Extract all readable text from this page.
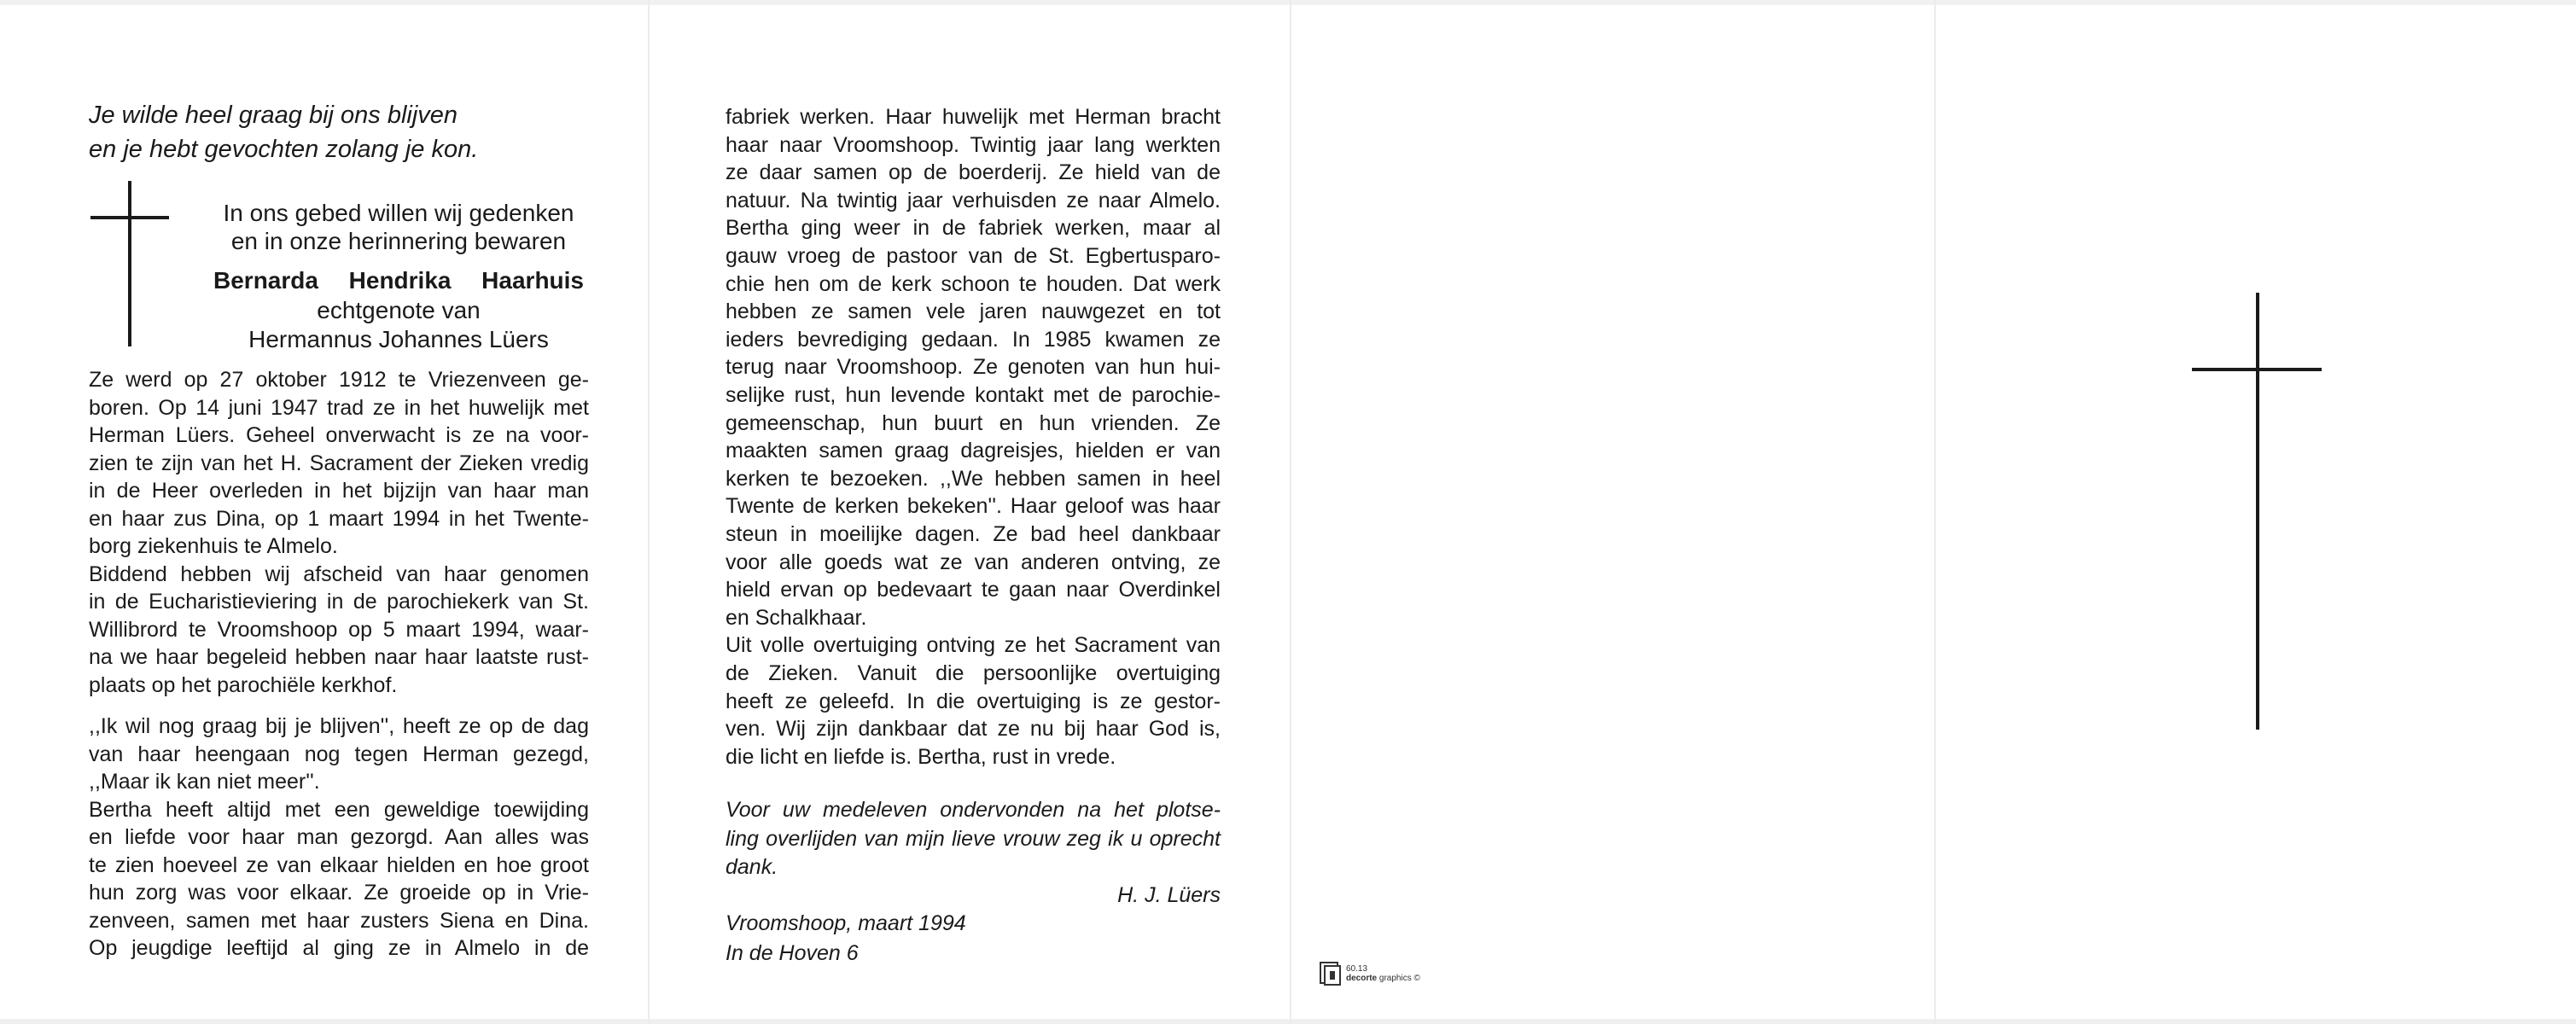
Je wilde heel graag bij ons blijven
en je hebt gevochten zolang je kon.
In ons gebed willen wij gedenken
en in onze herinnering bewaren
Bernarda Hendrika Haarhuis
echtgenote van
Hermannus Johannes Lüers
Ze werd op 27 oktober 1912 te Vriezenveen ge-
boren. Op 14 juni 1947 trad ze in het huwelijk met
Herman Lüers. Geheel onverwacht is ze na voor-
zien te zijn van het H. Sacrament der Zieken vredig
in de Heer overleden in het bijzijn van haar man
en haar zus Dina, op 1 maart 1994 in het Twente-
borg ziekenhuis te Almelo.
Biddend hebben wij afscheid van haar genomen
in de Eucharistieviering in de parochiekerk van St.
Willibrord te Vroomshoop op 5 maart 1994, waar-
na we haar begeleid hebben naar haar laatste rust-
plaats op het parochiële kerkhof.
,,Ik wil nog graag bij je blijven'', heeft ze op de dag
van haar heengaan nog tegen Herman gezegd,
,,Maar ik kan niet meer''.
Bertha heeft altijd met een geweldige toewijding
en liefde voor haar man gezorgd. Aan alles was
te zien hoeveel ze van elkaar hielden en hoe groot
hun zorg was voor elkaar. Ze groeide op in Vrie-
zenveen, samen met haar zusters Siena en Dina.
Op jeugdige leeftijd al ging ze in Almelo in de
fabriek werken. Haar huwelijk met Herman bracht
haar naar Vroomshoop. Twintig jaar lang werkten
ze daar samen op de boerderij. Ze hield van de
natuur. Na twintig jaar verhuisden ze naar Almelo.
Bertha ging weer in de fabriek werken, maar al
gauw vroeg de pastoor van de St. Egbertusparo-
chie hen om de kerk schoon te houden. Dat werk
hebben ze samen vele jaren nauwgezet en tot
ieders bevrediging gedaan. In 1985 kwamen ze
terug naar Vroomshoop. Ze genoten van hun hui-
selijke rust, hun levende kontakt met de parochie-
gemeenschap, hun buurt en hun vrienden. Ze
maakten samen graag dagreisjes, hielden er van
kerken te bezoeken. ,,We hebben samen in heel
Twente de kerken bekeken''. Haar geloof was haar
steun in moeilijke dagen. Ze bad heel dankbaar
voor alle goeds wat ze van anderen ontving, ze
hield ervan op bedevaart te gaan naar Overdinkel
en Schalkhaar.
Uit volle overtuiging ontving ze het Sacrament van
de Zieken. Vanuit die persoonlijke overtuiging
heeft ze geleefd. In die overtuiging is ze gestor-
ven. Wij zijn dankbaar dat ze nu bij haar God is,
die licht en liefde is. Bertha, rust in vrede.
Voor uw medeleven ondervonden na het plotse-
ling overlijden van mijn lieve vrouw zeg ik u oprecht
dank.
H. J. Lüers
Vroomshoop, maart 1994
In de Hoven 6
60.13
decorte graphics ©
